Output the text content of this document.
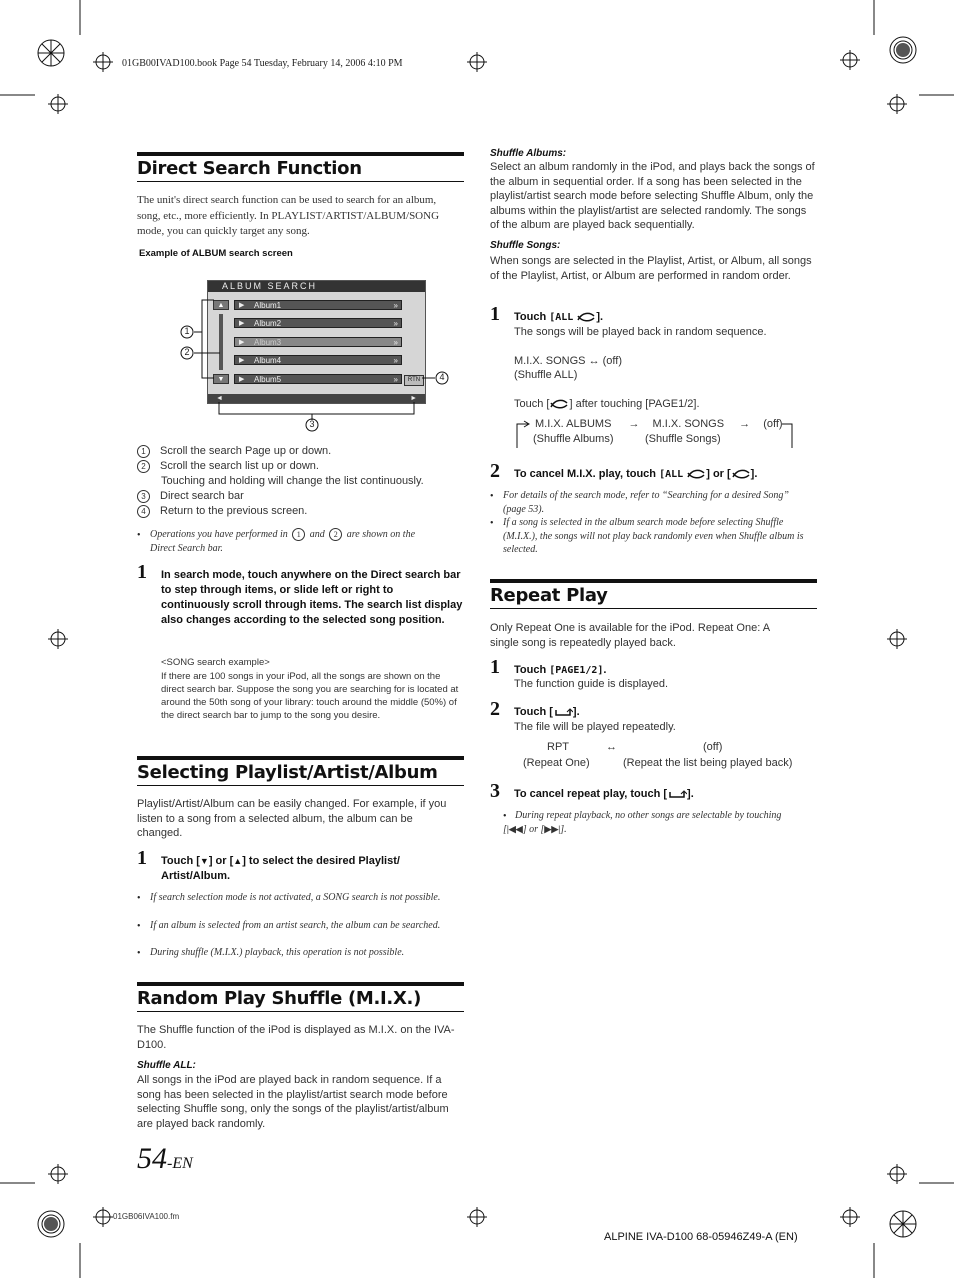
01GB00IVAD100.book Page 54 Tuesday, February 14, 2006 4:10 PM
Direct Search Function
The unit's direct search function can be used to search for an album, song, etc., more efficiently. In PLAYLIST/ARTIST/ALBUM/SONG mode, you can quickly target any song.
Example of ALBUM search screen
ALBUM SEARCH
▲
▼
▶ Album1	»
▶ Album2	»
▶ Album3	»
▶ Album4	»
▶ Album5	»	RTN
◄	►
1
2
4
3
1 Scroll the search Page up or down.
2 Scroll the search list up or down.
Touching and holding will change the list continuously.
3 Direct search bar
4 Return to the previous screen.
• Operations you have performed in 1 and 2 are shown on the
Direct Search bar.
1 In search mode, touch anywhere on the Direct search bar to step through items, or slide left or right to continuously scroll through items. The search list display also changes according to the selected song position.
<SONG search example>
If there are 100 songs in your iPod, all the songs are shown on the direct search bar. Suppose the song you are searching for is located at around the 50th song of your library: touch around the middle (50%) of the direct search bar to jump to the song you desire.
Selecting Playlist/Artist/Album
Playlist/Artist/Album can be easily changed. For example, if you listen to a song from a selected album, the album can be changed.
1 Touch [▼] or [▲] to select the desired Playlist/ Artist/Album.
• If search selection mode is not activated, a SONG search is not possible.
• If an album is selected from an artist search, the album can be searched.
• During shuffle (M.I.X.) playback, this operation is not possible.
Random Play Shuffle (M.I.X.)
The Shuffle function of the iPod is displayed as M.I.X. on the IVA-D100.
Shuffle ALL:
All songs in the iPod are played back in random sequence. If a song has been selected in the playlist/artist search mode before selecting Shuffle song, only the songs of the playlist/artist/album are played back randomly.
54-EN
01GB06IVA100.fm
Shuffle Albums:
Select an album randomly in the iPod, and plays back the songs of the album in sequential order. If a song has been selected in the playlist/artist search mode before selecting Shuffle Album, only the albums within the playlist/artist are selected randomly. The songs of the album are played back sequentially.
Shuffle Songs:
When songs are selected in the Playlist, Artist, or Album, all songs of the Playlist, Artist, or Album are performed in random order.
1 Touch [ALL ].
The songs will be played back in random sequence.
M.I.X. SONGS ↔ (off)
(Shuffle ALL)
Touch [ ] after touching [PAGE1/2].
M.I.X. ALBUMS → M.I.X. SONGS → (off)
(Shuffle Albums)	(Shuffle Songs)
2 To cancel M.I.X. play, touch [ALL ] or [ ].
• For details of the search mode, refer to “Searching for a desired Song” (page 53).
• If a song is selected in the album search mode before selecting Shuffle (M.I.X.), the songs will not play back randomly even when Shuffle album is selected.
Repeat Play
Only Repeat One is available for the iPod. Repeat One: A single song is repeatedly played back.
1 Touch [PAGE1/2].
The function guide is displayed.
2 Touch [ ].
The file will be played repeatedly.
RPT	↔	(off)
(Repeat One)	(Repeat the list being played back)
3 To cancel repeat play, touch [ ].
• During repeat playback, no other songs are selectable by touching
[|◀◀] or [▶▶|].
ALPINE IVA-D100 68-05946Z49-A (EN)
